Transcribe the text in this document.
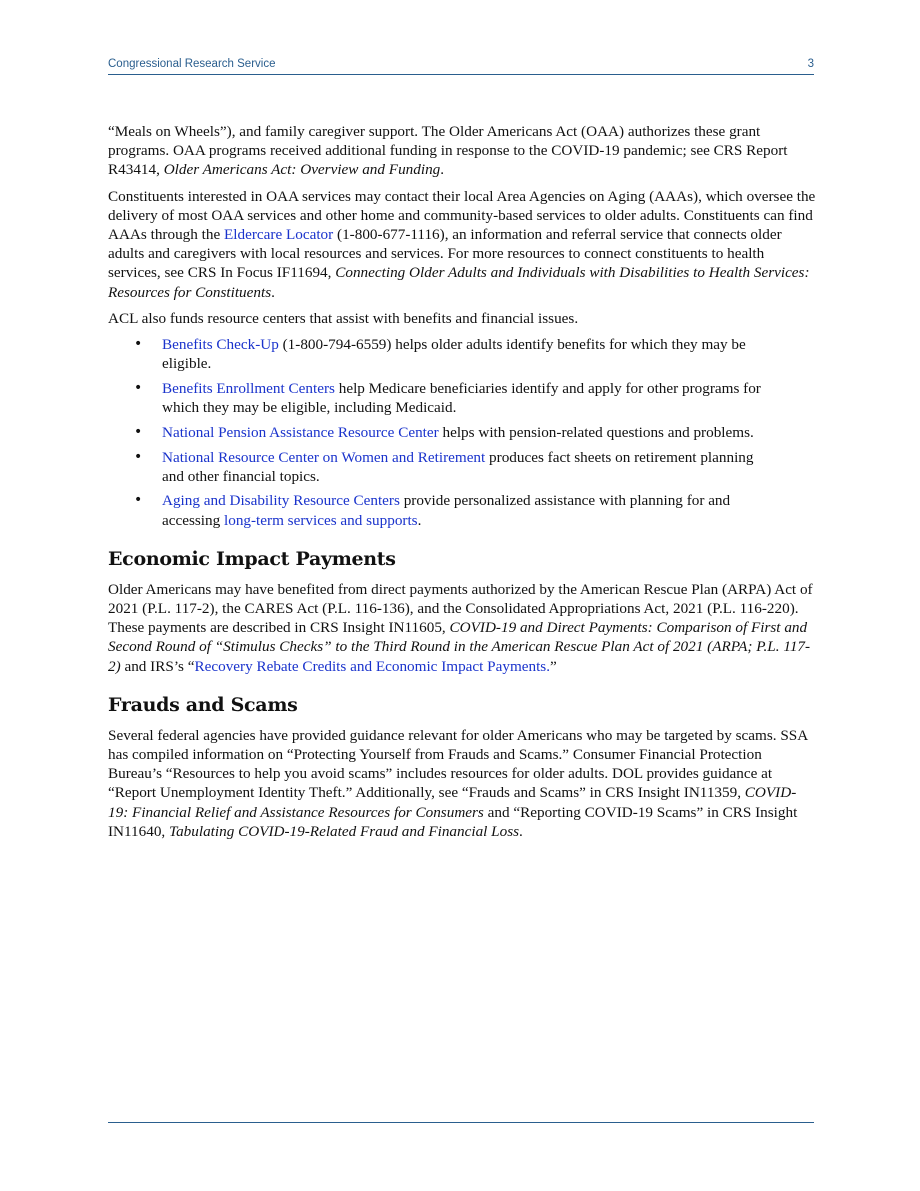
Congressional Research Service	3

“Meals on Wheels”), and family caregiver support. The Older Americans Act (OAA) authorizes these grant programs. OAA programs received additional funding in response to the COVID-19 pandemic; see CRS Report R43414, Older Americans Act: Overview and Funding.

Constituents interested in OAA services may contact their local Area Agencies on Aging (AAAs), which oversee the delivery of most OAA services and other home and community-based services to older adults. Constituents can find AAAs through the Eldercare Locator (1-800-677-1116), an information and referral service that connects older adults and caregivers with local resources and services. For more resources to connect constituents to health services, see CRS In Focus IF11694, Connecting Older Adults and Individuals with Disabilities to Health Services: Resources for Constituents.

ACL also funds resource centers that assist with benefits and financial issues.

• Benefits Check-Up (1-800-794-6559) helps older adults identify benefits for which they may be eligible.
• Benefits Enrollment Centers help Medicare beneficiaries identify and apply for other programs for which they may be eligible, including Medicaid.
• National Pension Assistance Resource Center helps with pension-related questions and problems.
• National Resource Center on Women and Retirement produces fact sheets on retirement planning and other financial topics.
• Aging and Disability Resource Centers provide personalized assistance with planning for and accessing long-term services and supports.
Economic Impact Payments

Older Americans may have benefited from direct payments authorized by the American Rescue Plan (ARPA) Act of 2021 (P.L. 117-2), the CARES Act (P.L. 116-136), and the Consolidated Appropriations Act, 2021 (P.L. 116-220). These payments are described in CRS Insight IN11605, COVID-19 and Direct Payments: Comparison of First and Second Round of “Stimulus Checks” to the Third Round in the American Rescue Plan Act of 2021 (ARPA; P.L. 117-2) and IRS’s “Recovery Rebate Credits and Economic Impact Payments.”

Frauds and Scams

Several federal agencies have provided guidance relevant for older Americans who may be targeted by scams. SSA has compiled information on “Protecting Yourself from Frauds and Scams.” Consumer Financial Protection Bureau’s “Resources to help you avoid scams” includes resources for older adults. DOL provides guidance at “Report Unemployment Identity Theft.” Additionally, see “Frauds and Scams” in CRS Insight IN11359, COVID-19: Financial Relief and Assistance Resources for Consumers and “Reporting COVID-19 Scams” in CRS Insight IN11640, Tabulating COVID-19-Related Fraud and Financial Loss.
